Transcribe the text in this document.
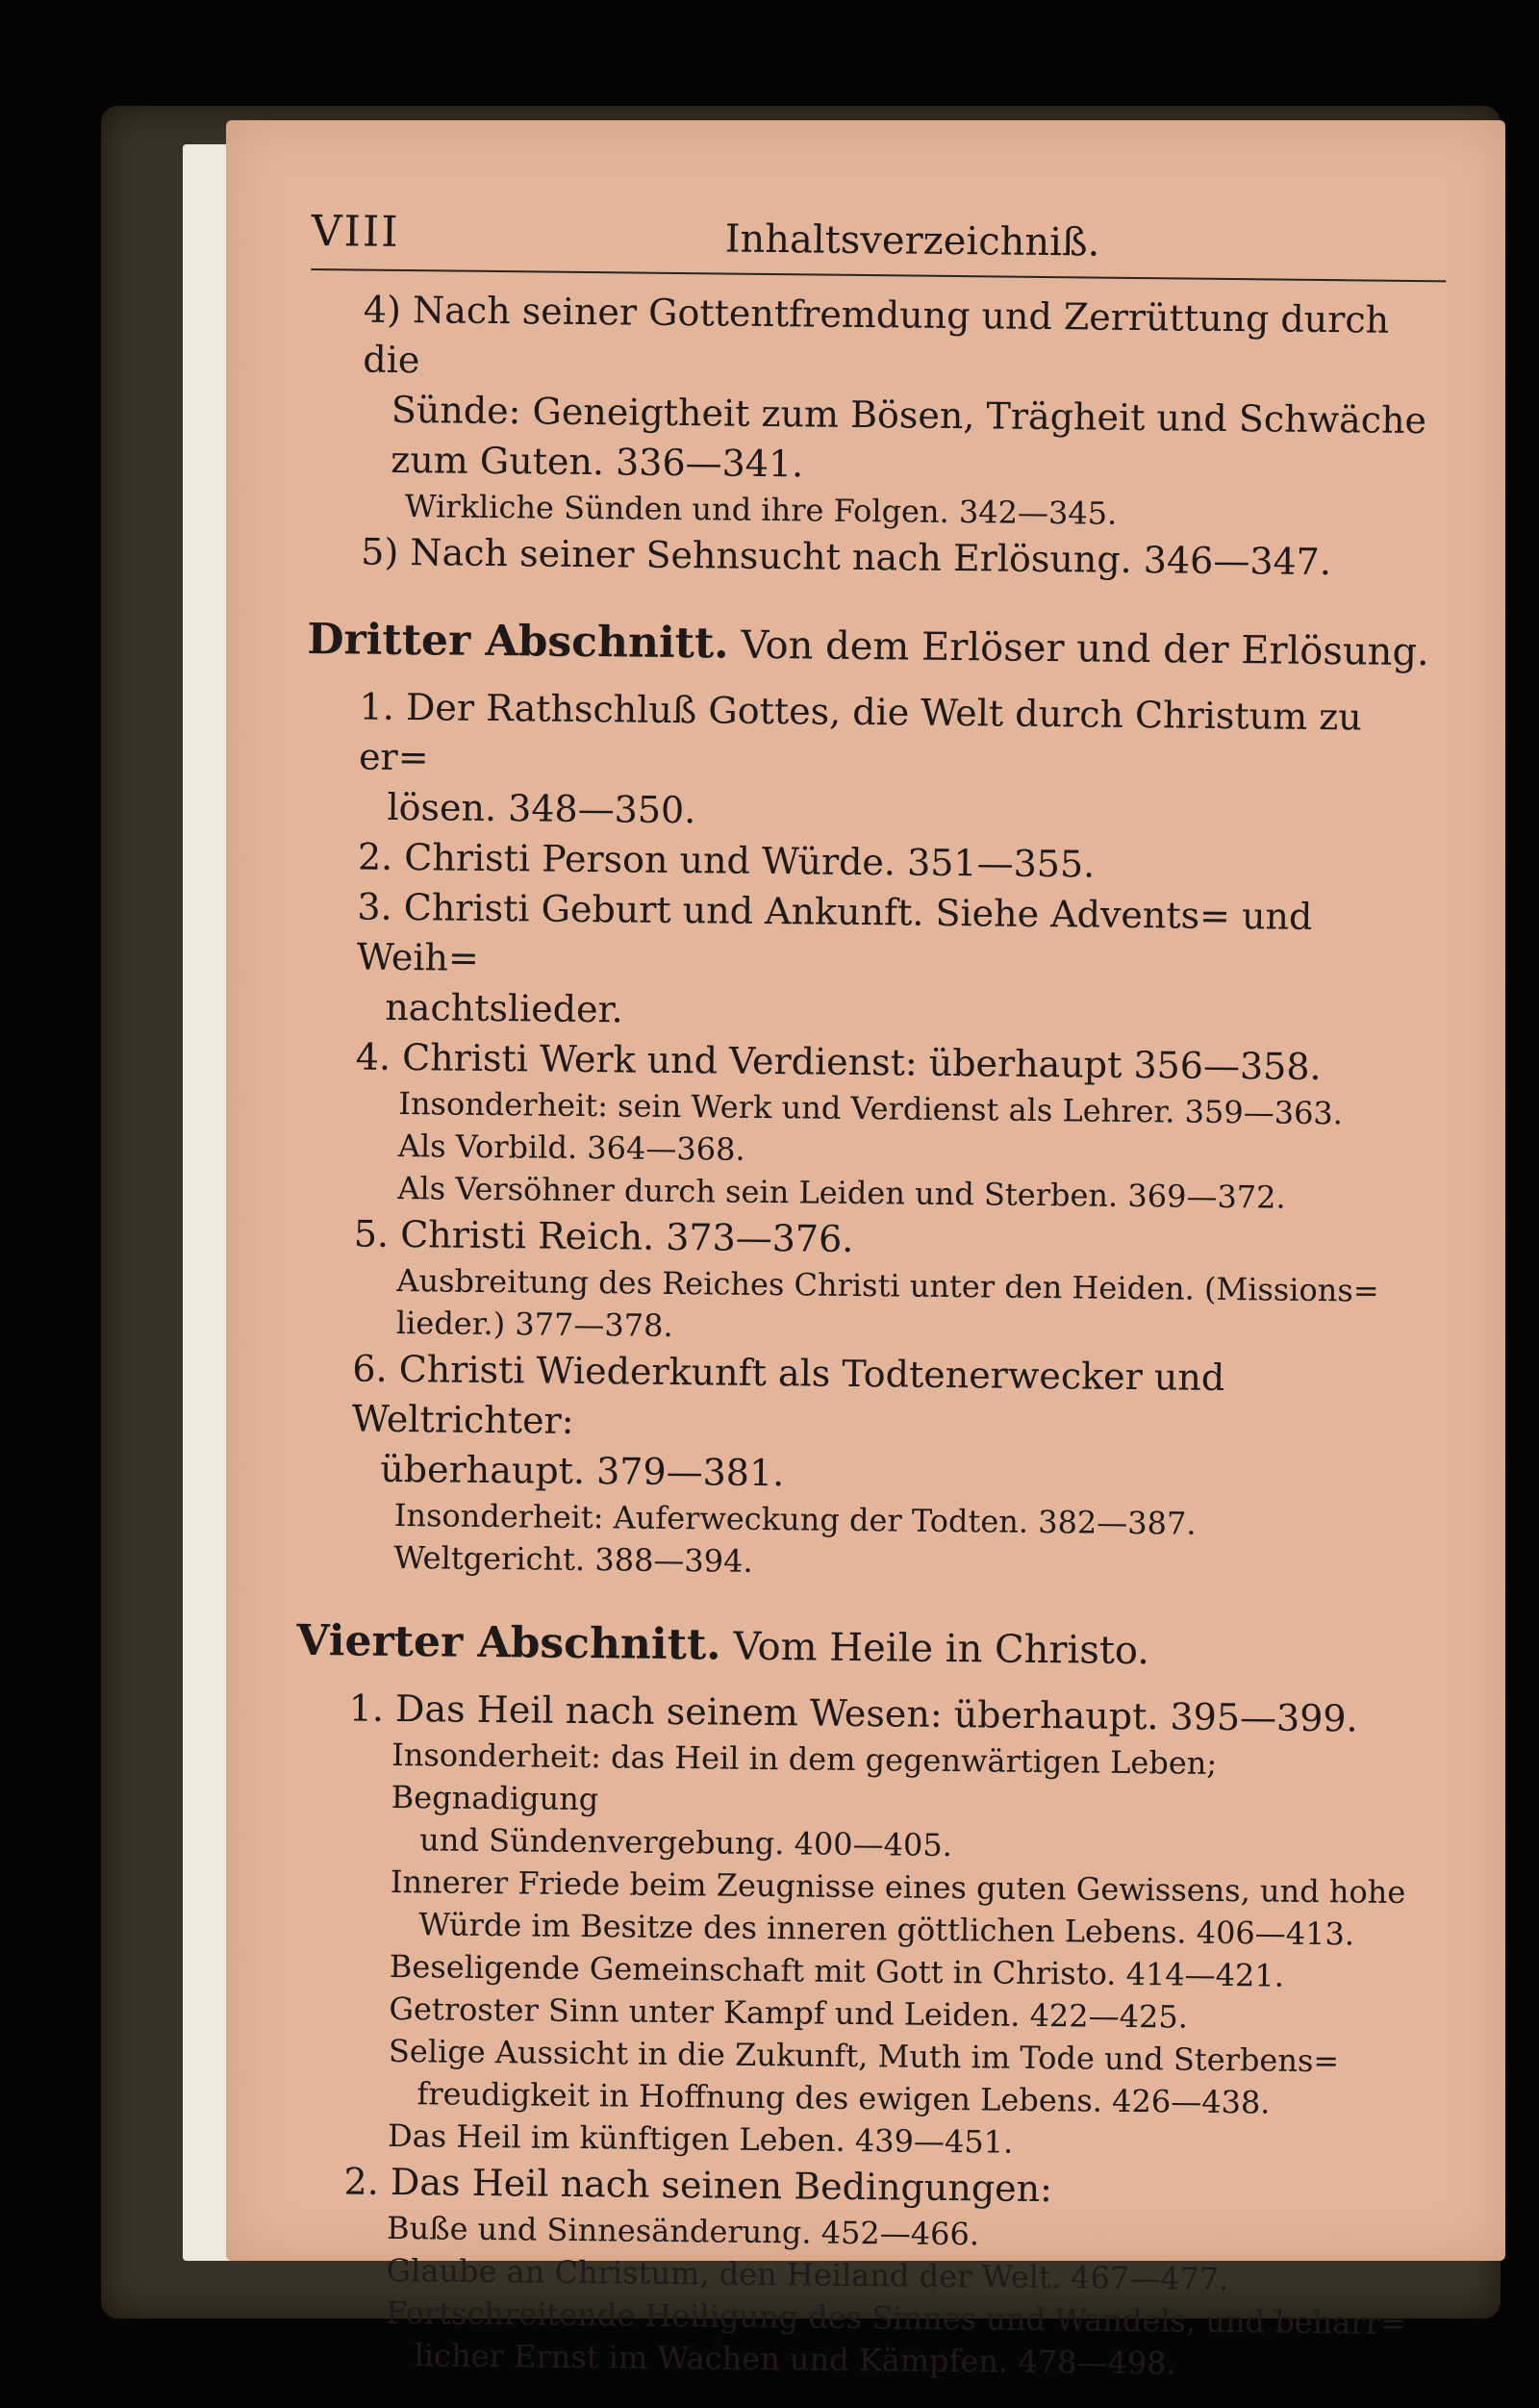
VIII	Inhaltsverzeichniß.

4) Nach seiner Gottentfremdung und Zerrüttung durch die

Sünde: Geneigtheit zum Bösen, Trägheit und Schwäche

zum Guten. 336—341.

Wirkliche Sünden und ihre Folgen. 342—345.

5) Nach seiner Sehnsucht nach Erlösung. 346—347.

Dritter Abschnitt. Von dem Erlöser und der Erlösung.

1. Der Rathschluß Gottes, die Welt durch Christum zu er=

lösen. 348—350.

2. Christi Person und Würde. 351—355.

3. Christi Geburt und Ankunft. Siehe Advents= und Weih=

nachtslieder.

4. Christi Werk und Verdienst: überhaupt 356—358.

Insonderheit: sein Werk und Verdienst als Lehrer. 359—363.

Als Vorbild. 364—368.

Als Versöhner durch sein Leiden und Sterben. 369—372.

5. Christi Reich. 373—376.

Ausbreitung des Reiches Christi unter den Heiden. (Missions=

lieder.) 377—378.

6. Christi Wiederkunft als Todtenerwecker und Weltrichter:

überhaupt. 379—381.

Insonderheit: Auferweckung der Todten. 382—387.

Weltgericht. 388—394.

Vierter Abschnitt. Vom Heile in Christo.

1. Das Heil nach seinem Wesen: überhaupt. 395—399.

Insonderheit: das Heil in dem gegenwärtigen Leben; Begnadigung

und Sündenvergebung. 400—405.

Innerer Friede beim Zeugnisse eines guten Gewissens, und hohe

Würde im Besitze des inneren göttlichen Lebens. 406—413.

Beseligende Gemeinschaft mit Gott in Christo. 414—421.

Getroster Sinn unter Kampf und Leiden. 422—425.

Selige Aussicht in die Zukunft, Muth im Tode und Sterbens=

freudigkeit in Hoffnung des ewigen Lebens. 426—438.

Das Heil im künftigen Leben. 439—451.

2. Das Heil nach seinen Bedingungen:

Buße und Sinnesänderung. 452—466.

Glaube an Christum, den Heiland der Welt. 467—477.

Fortschreitende Heiligung des Sinnes und Wandels, und beharr=

licher Ernst im Wachen und Kämpfen. 478—498.
